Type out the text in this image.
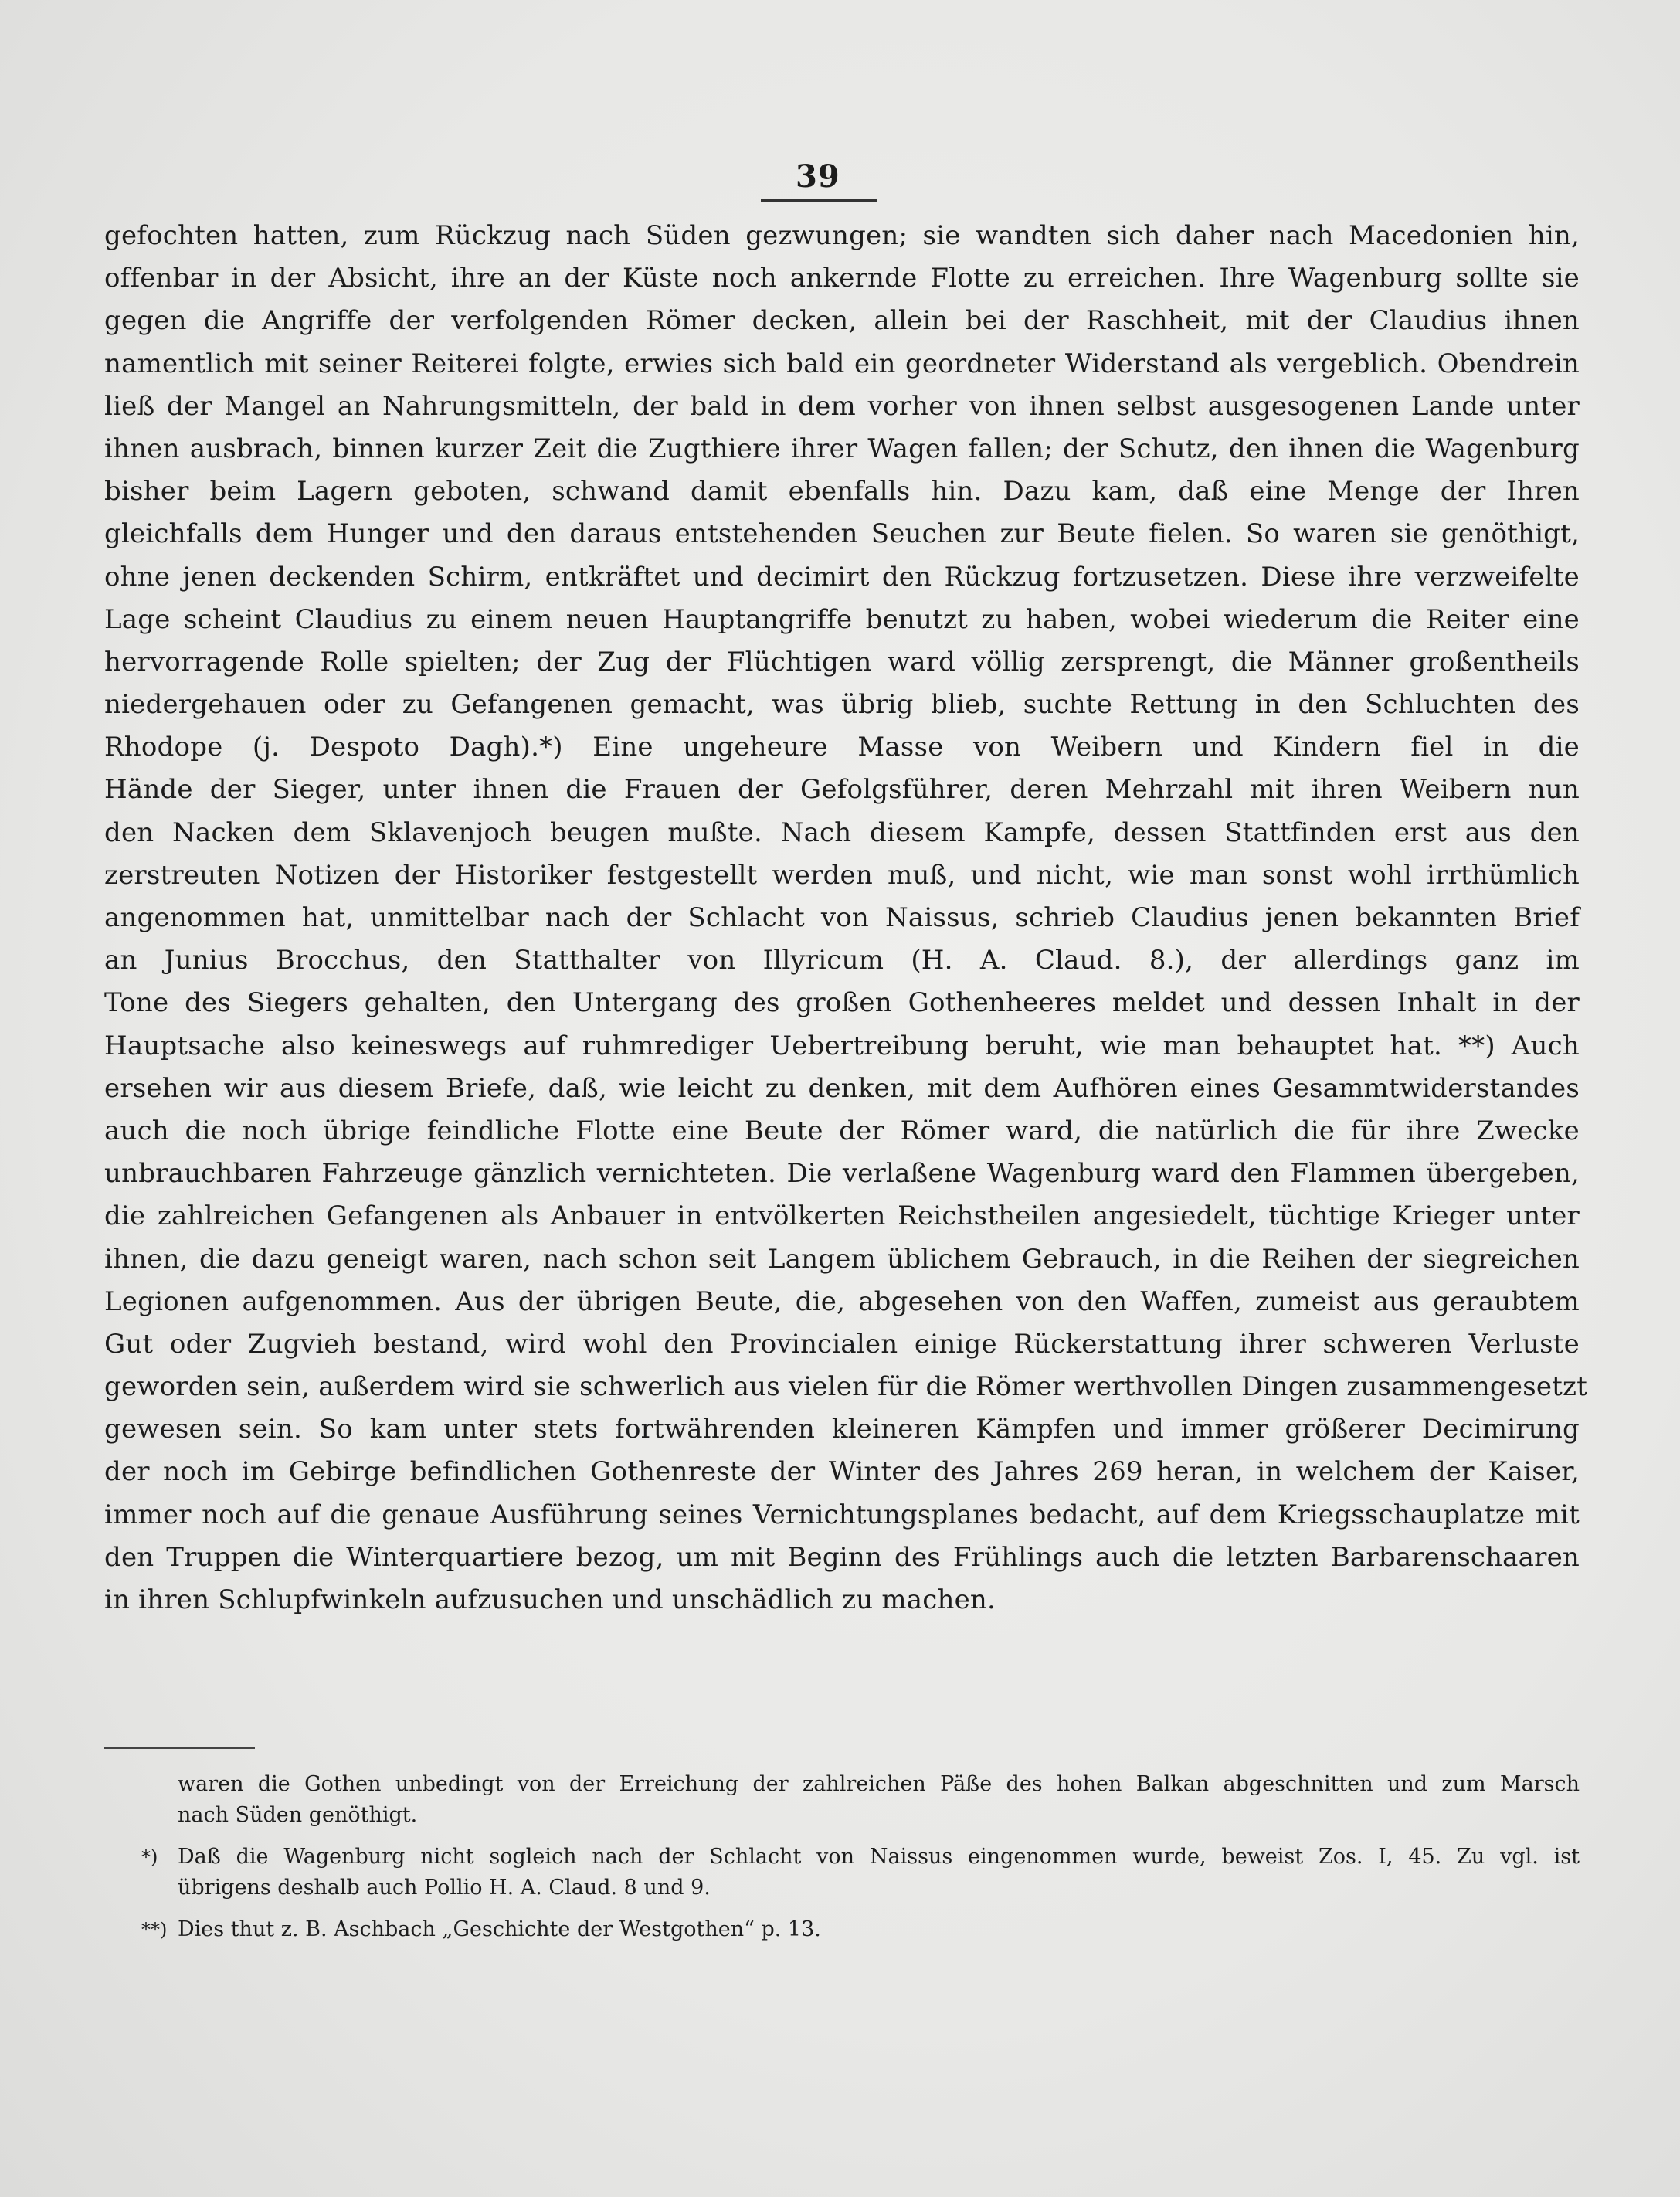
39
gefochten hatten, zum Rückzug nach Süden gezwungen; sie wandten sich daher nach Macedonien hin,
offenbar in der Absicht, ihre an der Küste noch ankernde Flotte zu erreichen. Ihre Wagenburg sollte sie
gegen die Angriffe der verfolgenden Römer decken, allein bei der Raschheit, mit der Claudius ihnen
namentlich mit seiner Reiterei folgte, erwies sich bald ein geordneter Widerstand als vergeblich. Obendrein
ließ der Mangel an Nahrungsmitteln, der bald in dem vorher von ihnen selbst ausgesogenen Lande unter
ihnen ausbrach, binnen kurzer Zeit die Zugthiere ihrer Wagen fallen; der Schutz, den ihnen die Wagenburg
bisher beim Lagern geboten, schwand damit ebenfalls hin. Dazu kam, daß eine Menge der Ihren
gleichfalls dem Hunger und den daraus entstehenden Seuchen zur Beute fielen. So waren sie genöthigt,
ohne jenen deckenden Schirm, entkräftet und decimirt den Rückzug fortzusetzen. Diese ihre verzweifelte
Lage scheint Claudius zu einem neuen Hauptangriffe benutzt zu haben, wobei wiederum die Reiter eine
hervorragende Rolle spielten; der Zug der Flüchtigen ward völlig zersprengt, die Männer großentheils
niedergehauen oder zu Gefangenen gemacht, was übrig blieb, suchte Rettung in den Schluchten des
Rhodope (j. Despoto Dagh).*) Eine ungeheure Masse von Weibern und Kindern fiel in die
Hände der Sieger, unter ihnen die Frauen der Gefolgsführer, deren Mehrzahl mit ihren Weibern nun
den Nacken dem Sklavenjoch beugen mußte. Nach diesem Kampfe, dessen Stattfinden erst aus den
zerstreuten Notizen der Historiker festgestellt werden muß, und nicht, wie man sonst wohl irrthümlich
angenommen hat, unmittelbar nach der Schlacht von Naissus, schrieb Claudius jenen bekannten Brief
an Junius Brocchus, den Statthalter von Illyricum (H. A. Claud. 8.), der allerdings ganz im
Tone des Siegers gehalten, den Untergang des großen Gothenheeres meldet und dessen Inhalt in der
Hauptsache also keineswegs auf ruhmrediger Uebertreibung beruht, wie man behauptet hat. **) Auch
ersehen wir aus diesem Briefe, daß, wie leicht zu denken, mit dem Aufhören eines Gesammtwiderstandes
auch die noch übrige feindliche Flotte eine Beute der Römer ward, die natürlich die für ihre Zwecke
unbrauchbaren Fahrzeuge gänzlich vernichteten. Die verlaßene Wagenburg ward den Flammen übergeben,
die zahlreichen Gefangenen als Anbauer in entvölkerten Reichstheilen angesiedelt, tüchtige Krieger unter
ihnen, die dazu geneigt waren, nach schon seit Langem üblichem Gebrauch, in die Reihen der siegreichen
Legionen aufgenommen. Aus der übrigen Beute, die, abgesehen von den Waffen, zumeist aus geraubtem
Gut oder Zugvieh bestand, wird wohl den Provincialen einige Rückerstattung ihrer schweren Verluste
geworden sein, außerdem wird sie schwerlich aus vielen für die Römer werthvollen Dingen zusammengesetzt
gewesen sein. So kam unter stets fortwährenden kleineren Kämpfen und immer größerer Decimirung
der noch im Gebirge befindlichen Gothenreste der Winter des Jahres 269 heran, in welchem der Kaiser,
immer noch auf die genaue Ausführung seines Vernichtungsplanes bedacht, auf dem Kriegsschauplatze mit
den Truppen die Winterquartiere bezog, um mit Beginn des Frühlings auch die letzten Barbarenschaaren
in ihren Schlupfwinkeln aufzusuchen und unschädlich zu machen.
waren die Gothen unbedingt von der Erreichung der zahlreichen Päße des hohen Balkan abgeschnitten und zum Marsch
nach Süden genöthigt.
*) Daß die Wagenburg nicht sogleich nach der Schlacht von Naissus eingenommen wurde, beweist Zos. I, 45. Zu vgl. ist
übrigens deshalb auch Pollio H. A. Claud. 8 und 9.
**) Dies thut z. B. Aschbach „Geschichte der Westgothen“ p. 13.
